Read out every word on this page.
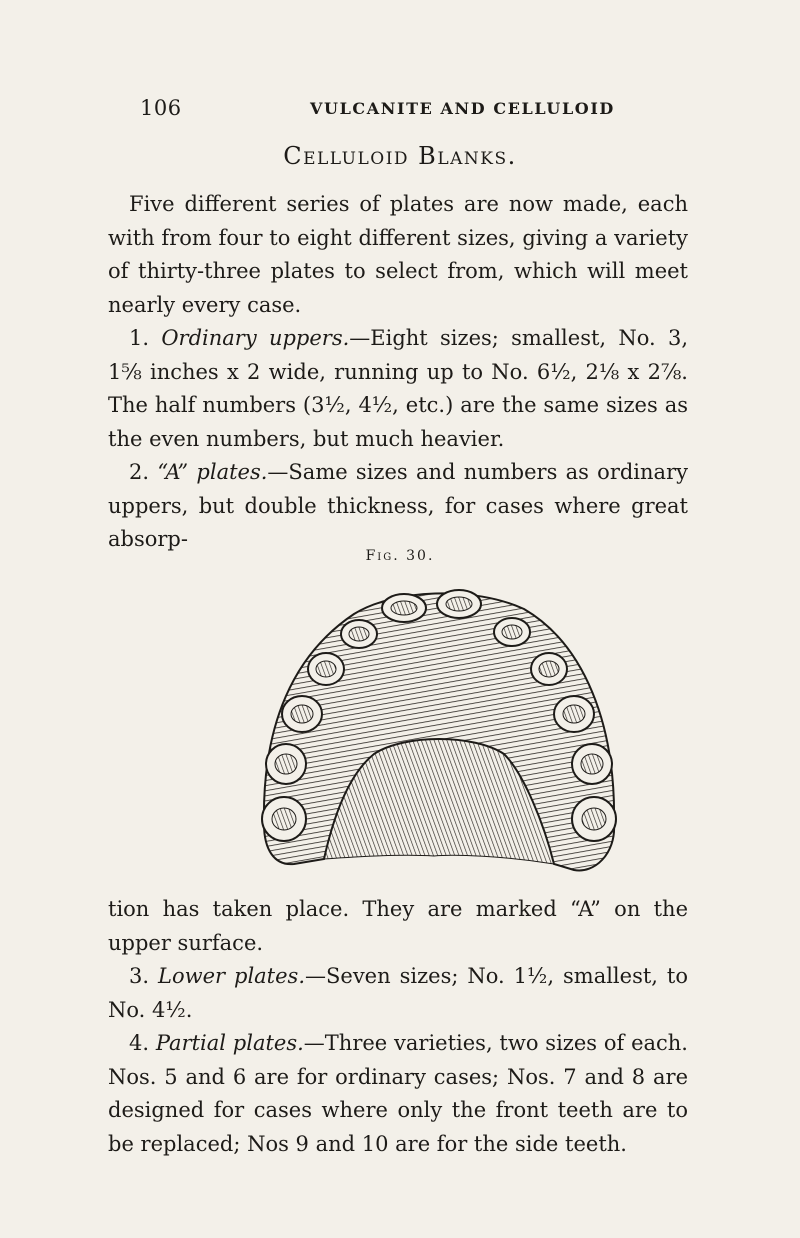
106	VULCANITE AND CELLULOID
Celluloid Blanks.

 Five different series of plates are now made, each with from four to eight different sizes, giving a variety of thirty-three plates to select from, which will meet nearly every case.

 1. Ordinary uppers.—Eight sizes; smallest, No. 3, 1⅝ inches x 2 wide, running up to No. 6½, 2⅛ x 2⅞. The half numbers (3½, 4½, etc.) are the same sizes as the even numbers, but much heavier.

 2. “A” plates.—Same sizes and numbers as ordinary uppers, but double thickness, for cases where great absorp-

Fig. 30.

tion has taken place. They are marked “A” on the upper surface.

 3. Lower plates.—Seven sizes; No. 1½, smallest, to No. 4½.

 4. Partial plates.—Three varieties, two sizes of each. Nos. 5 and 6 are for ordinary cases; Nos. 7 and 8 are designed for cases where only the front teeth are to be replaced; Nos 9 and 10 are for the side teeth.
